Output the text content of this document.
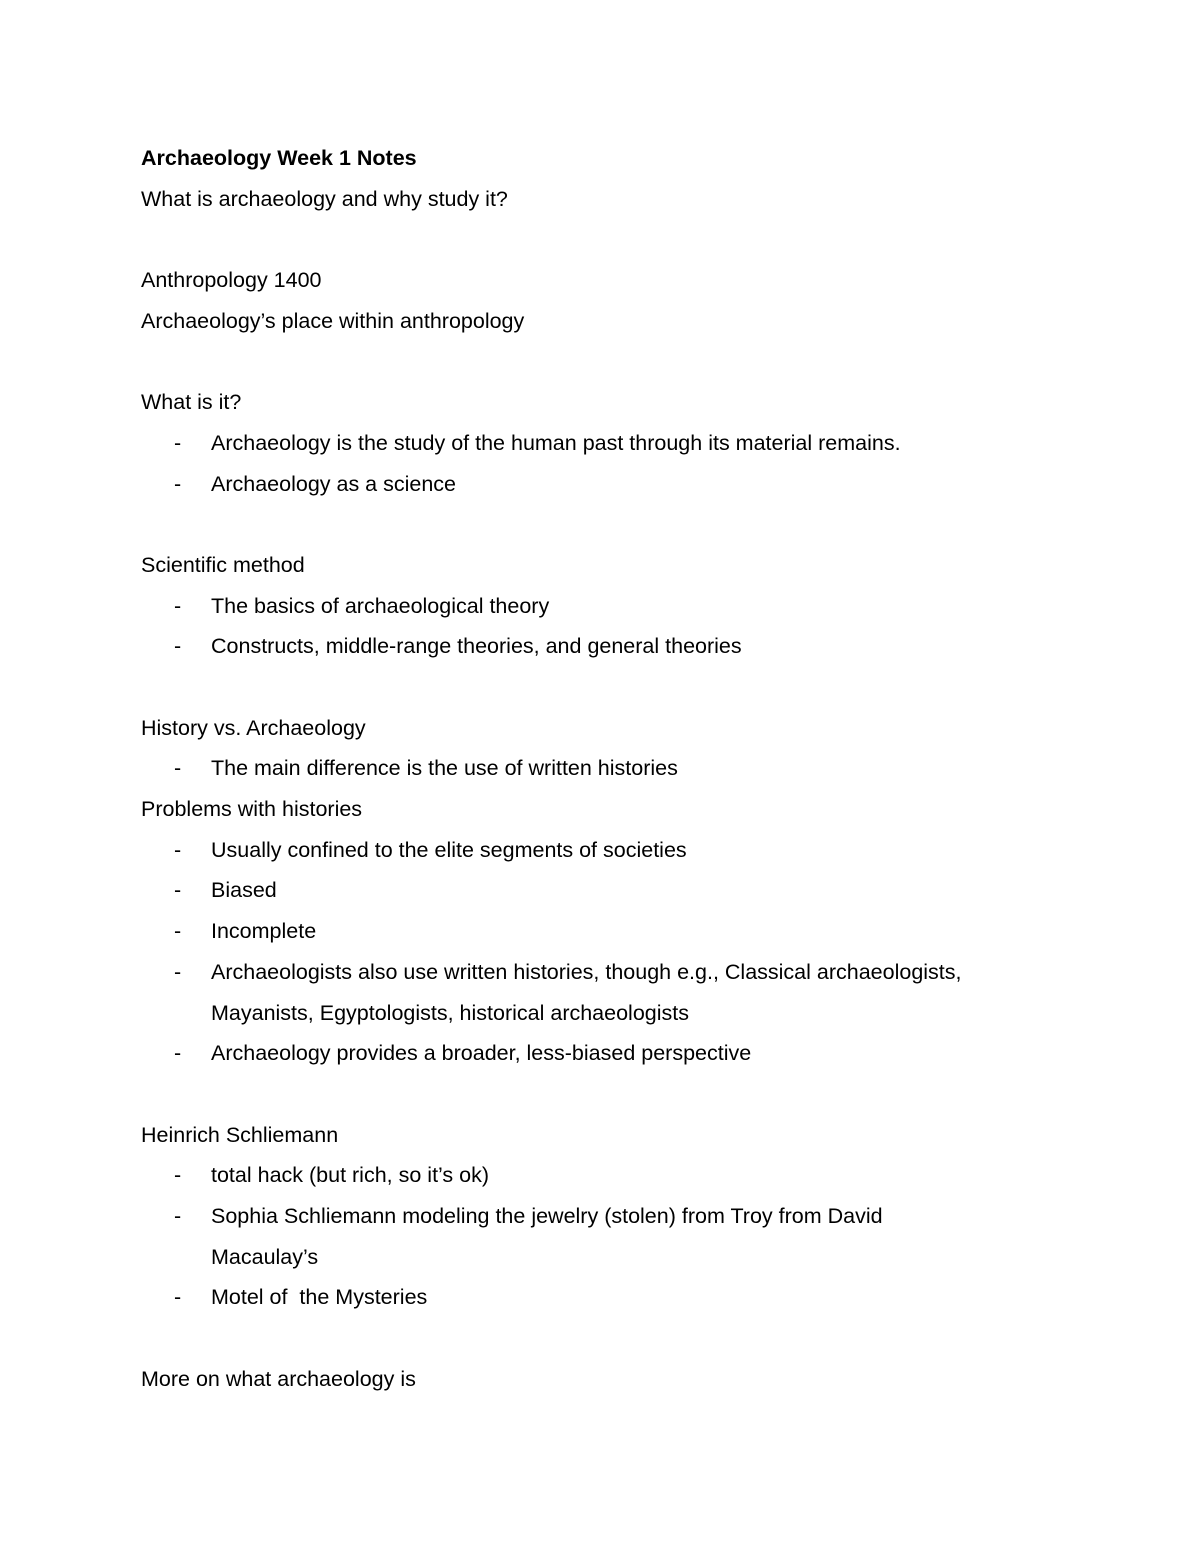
Archaeology Week 1 Notes
What is archaeology and why study it?
Anthropology 1400
Archaeology’s place within anthropology
What is it?
- Archaeology is the study of the human past through its material remains.
- Archaeology as a science
Scientific method
- The basics of archaeological theory
- Constructs, middle-range theories, and general theories
History vs. Archaeology
- The main difference is the use of written histories
Problems with histories
- Usually confined to the elite segments of societies
- Biased
- Incomplete
- Archaeologists also use written histories, though e.g., Classical archaeologists, Mayanists, Egyptologists, historical archaeologists
- Archaeology provides a broader, less-biased perspective
Heinrich Schliemann
- total hack (but rich, so it’s ok)
- Sophia Schliemann modeling the jewelry (stolen) from Troy from David Macaulay’s
- Motel of  the Mysteries
More on what archaeology is
